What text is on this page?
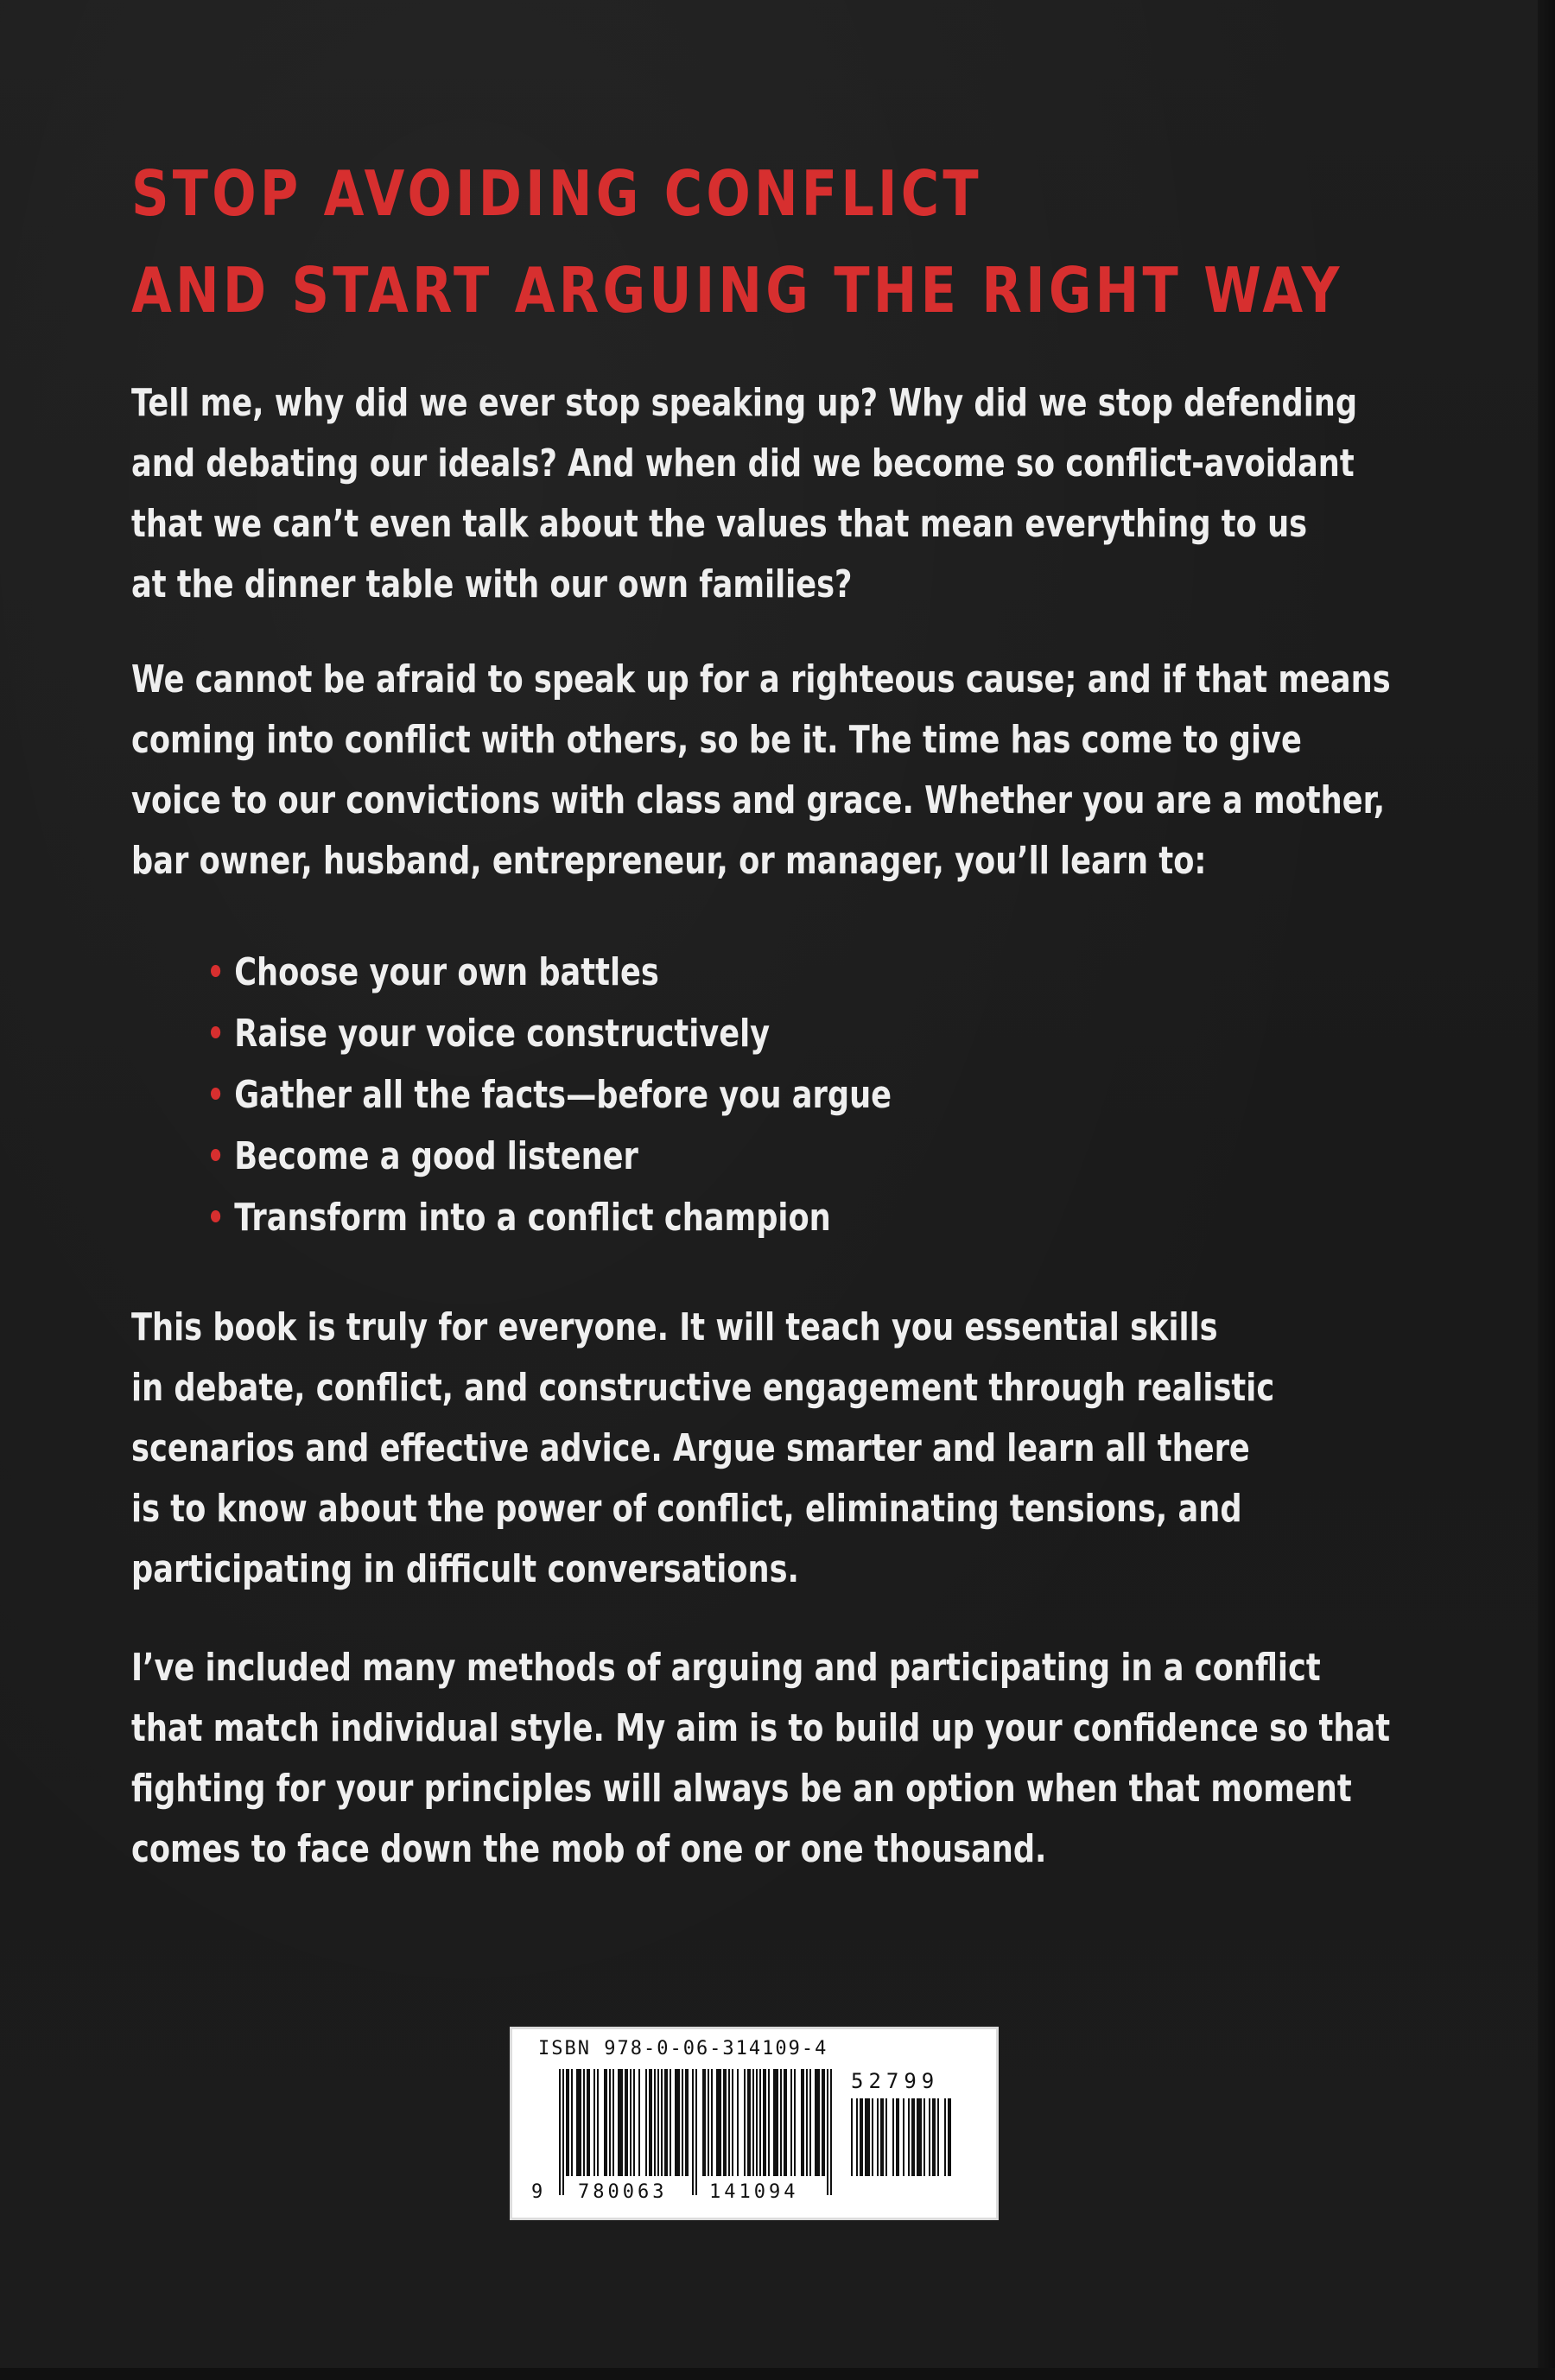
STOP AVOIDING CONFLICT
AND START ARGUING THE RIGHT WAY

Tell me, why did we ever stop speaking up? Why did we stop defending
and debating our ideals? And when did we become so conflict-avoidant
that we can’t even talk about the values that mean everything to us
at the dinner table with our own families?

We cannot be afraid to speak up for a righteous cause; and if that means
coming into conflict with others, so be it. The time has come to give
voice to our convictions with class and grace. Whether you are a mother,
bar owner, husband, entrepreneur, or manager, you’ll learn to:

Choose your own battles
Raise your voice constructively
Gather all the facts—before you argue
Become a good listener
Transform into a conflict champion

This book is truly for everyone. It will teach you essential skills
in debate, conflict, and constructive engagement through realistic
scenarios and effective advice. Argue smarter and learn all there
is to know about the power of conflict, eliminating tensions, and
participating in difficult conversations.

I’ve included many methods of arguing and participating in a conflict
that match individual style. My aim is to build up your confidence so that
fighting for your principles will always be an option when that moment
comes to face down the mob of one or one thousand.

ISBN 978-0-06-314109-4
52799
9 780063 141094
